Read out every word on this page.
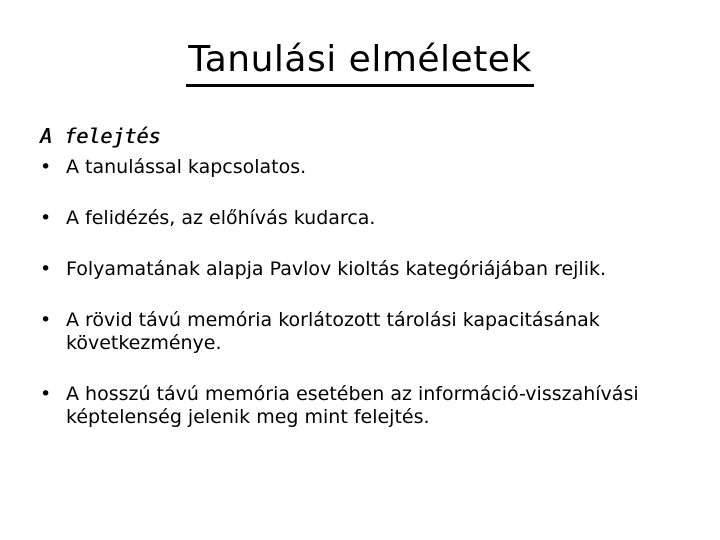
Tanulási elméletek
A felejtés
• A tanulással kapcsolatos.
• A felidézés, az előhívás kudarca.
• Folyamatának alapja Pavlov kioltás kategóriájában rejlik.
• A rövid távú memória korlátozott tárolási kapacitásának következménye.
• A hosszú távú memória esetében az információ-visszahívási képtelenség jelenik meg mint felejtés.
